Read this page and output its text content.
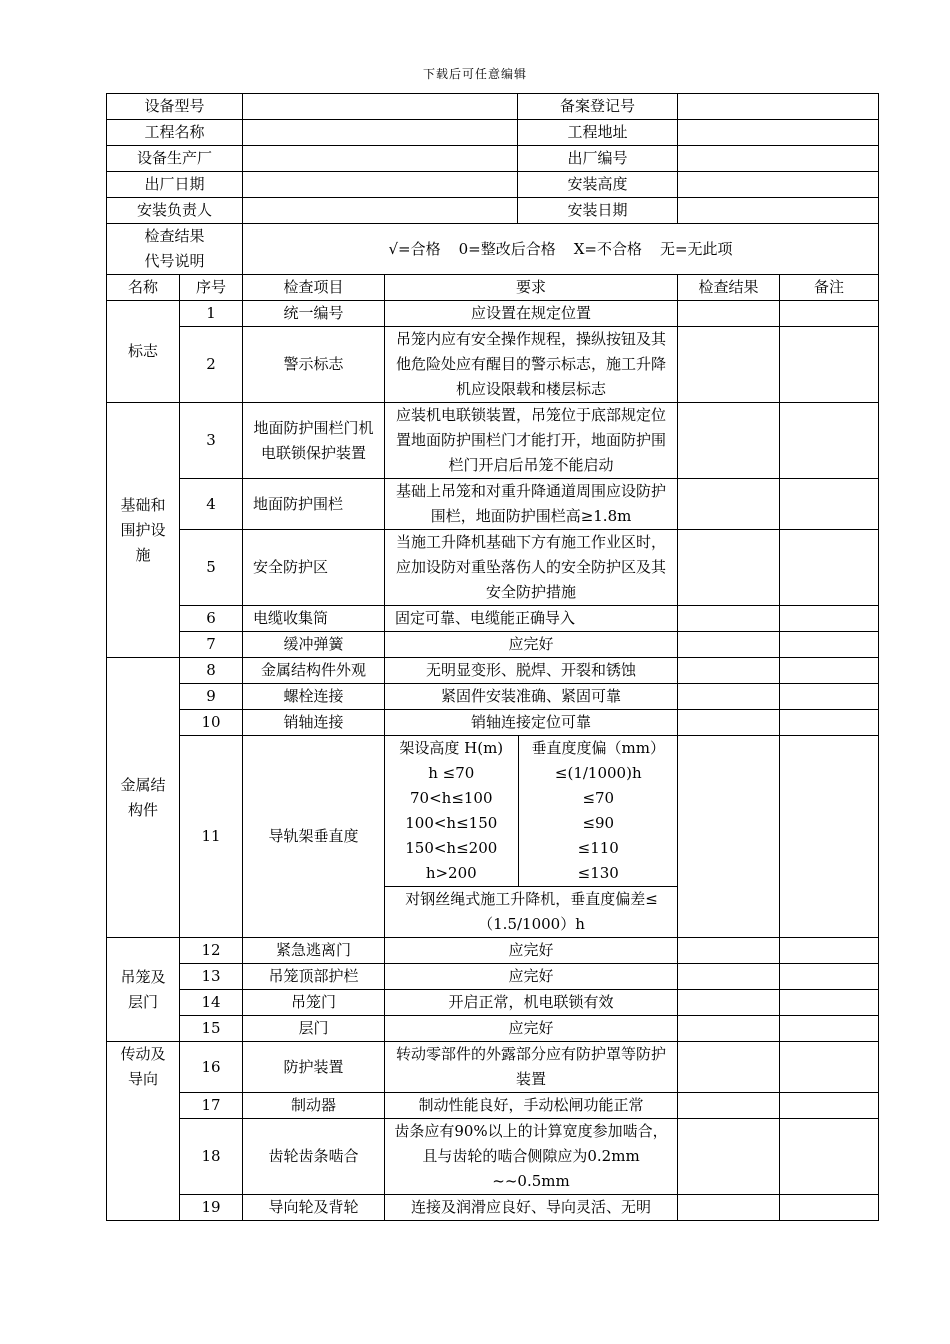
下载后可任意编辑
设备型号		备案登记号	
工程名称		工程地址	
设备生产厂		出厂编号	
出厂日期		安装高度	
安装负责人		安装日期	

检查结果
代号说明
	√=合格 0=整改后合格 X=不合格 无=无此项
名称	序号	检查项目	要求	检查结果	备注
标志	1	统一编号	应设置在规定位置		
2	警示标志	吊笼内应有安全操作规程，操纵按钮及其他危险处应有醒目的警示标志，施工升降机应设限载和楼层标志		

基础和围护设施
	3	地面防护围栏门机电联锁保护装置	应装机电联锁装置，吊笼位于底部规定位置地面防护围栏门才能打开，地面防护围栏门开启后吊笼不能启动		
4	地面防护围栏	基础上吊笼和对重升降通道周围应设防护围栏，地面防护围栏高≥1.8m		
5	安全防护区	当施工升降机基础下方有施工作业区时，应加设防对重坠落伤人的安全防护区及其安全防护措施		
6	电缆收集筒	固定可靠、电缆能正确导入		
7	缓冲弹簧	应完好		

金属结构件
	8	金属结构件外观	无明显变形、脱焊、开裂和锈蚀		
9	螺栓连接	紧固件安装准确、紧固可靠		
10	销轴连接	销轴连接定位可靠		
11	导轨架垂直度	
架设高度 H(m)	垂直度度偏（mm）
h ≤70	≤(1/1000)h
70<h≤100	≤70
100<h≤150	≤90
150<h≤200	≤110
h>200	≤130
对钢丝绳式施工升降机，垂直度偏差≤（1.5/1000）h

吊笼及层门
	12	紧急逃离门	应完好		
13	吊笼顶部护栏	应完好		
14	吊笼门	开启正常，机电联锁有效		
15	层门	应完好		

传动及导向
	16	防护装置	转动零部件的外露部分应有防护罩等防护装置		
17	制动器	制动性能良好，手动松闸功能正常		
18	齿轮齿条啮合	齿条应有90%以上的计算宽度参加啮合，且与齿轮的啮合侧隙应为0.2mm ~~0.5mm		
19	导向轮及背轮	连接及润滑应良好、导向灵活、无明		
